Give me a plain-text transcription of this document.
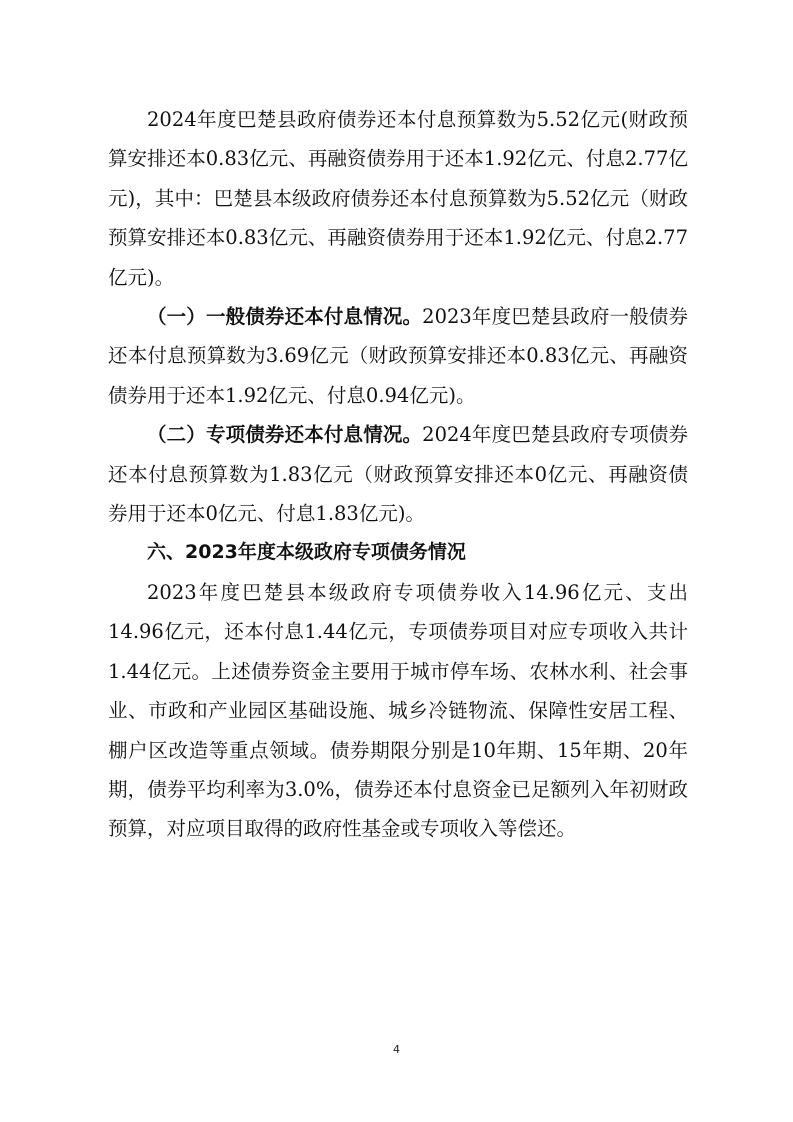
2024年度巴楚县政府债券还本付息预算数为5.52亿元(财政预算安排还本0.83亿元、再融资债券用于还本1.92亿元、付息2.77亿元)，其中：巴楚县本级政府债券还本付息预算数为5.52亿元（财政预算安排还本0.83亿元、再融资债券用于还本1.92亿元、付息2.77亿元)。

（一）一般债券还本付息情况。2023年度巴楚县政府一般债券还本付息预算数为3.69亿元（财政预算安排还本0.83亿元、再融资债券用于还本1.92亿元、付息0.94亿元)。

（二）专项债券还本付息情况。2024年度巴楚县政府专项债券还本付息预算数为1.83亿元（财政预算安排还本0亿元、再融资债券用于还本0亿元、付息1.83亿元)。

六、2023年度本级政府专项债务情况

2023年度巴楚县本级政府专项债券收入14.96亿元、支出14.96亿元，还本付息1.44亿元，专项债券项目对应专项收入共计1.44亿元。上述债券资金主要用于城市停车场、农林水利、社会事业、市政和产业园区基础设施、城乡冷链物流、保障性安居工程、棚户区改造等重点领域。债券期限分别是10年期、15年期、20年期，债券平均利率为3.0%，债券还本付息资金已足额列入年初财政预算，对应项目取得的政府性基金或专项收入等偿还。

4
